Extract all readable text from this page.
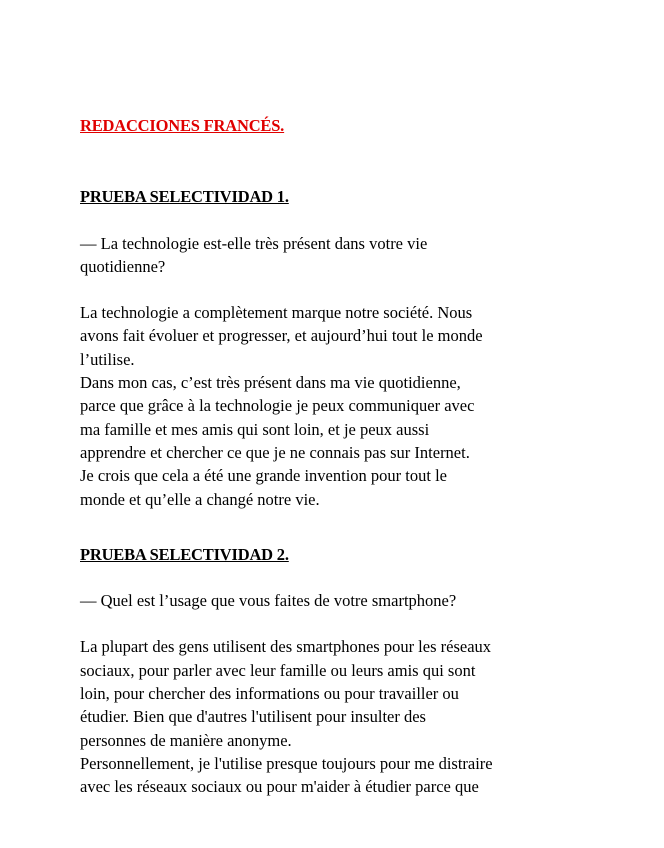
REDACCIONES FRANCÉS.

PRUEBA SELECTIVIDAD 1.

— La technologie est-elle très présent dans votre vie
quotidienne?

La technologie a complètement marque notre société. Nous
avons fait évoluer et progresser, et aujourd’hui tout le monde
l’utilise.
Dans mon cas, c’est très présent dans ma vie quotidienne,
parce que grâce à la technologie je peux communiquer avec
ma famille et mes amis qui sont loin, et je peux aussi
apprendre et chercher ce que je ne connais pas sur Internet.
Je crois que cela a été une grande invention pour tout le
monde et qu’elle a changé notre vie.

PRUEBA SELECTIVIDAD 2.

— Quel est l’usage que vous faites de votre smartphone?

La plupart des gens utilisent des smartphones pour les réseaux
sociaux, pour parler avec leur famille ou leurs amis qui sont
loin, pour chercher des informations ou pour travailler ou
étudier. Bien que d'autres l'utilisent pour insulter des
personnes de manière anonyme.
Personnellement, je l'utilise presque toujours pour me distraire
avec les réseaux sociaux ou pour m'aider à étudier parce que
